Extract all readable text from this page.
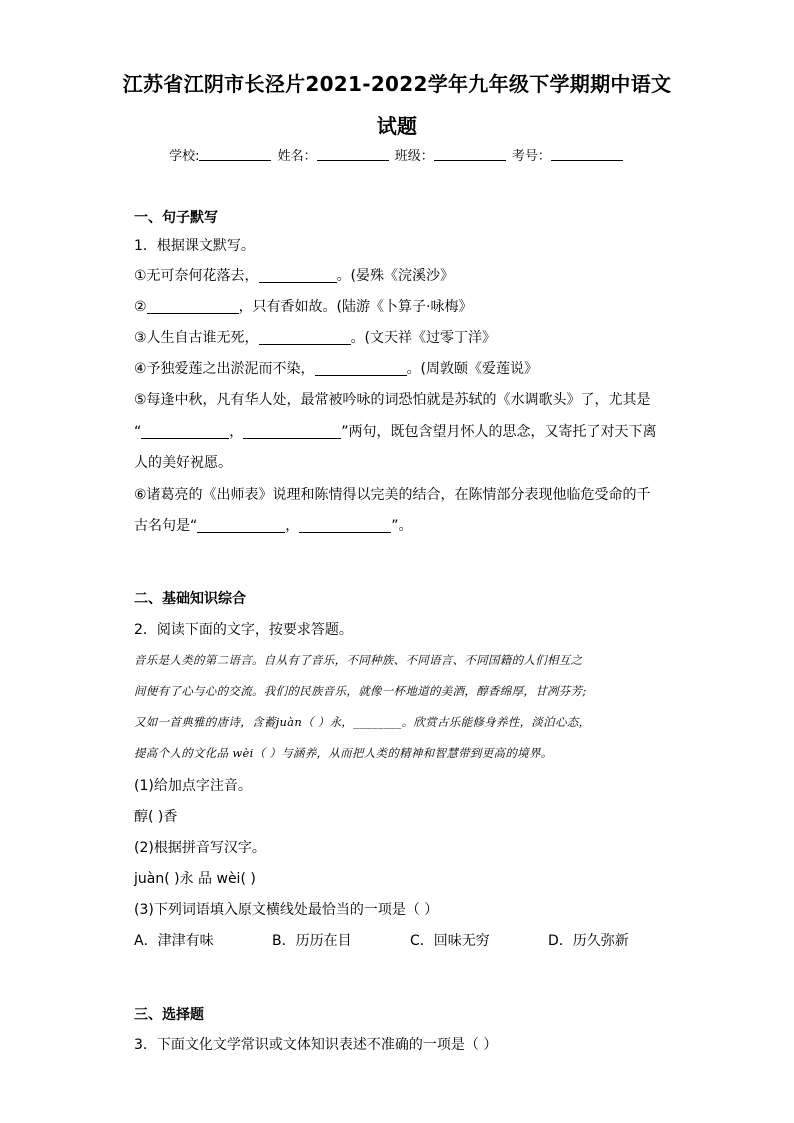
江苏省江阴市长泾片2021-2022学年九年级下学期期中语文
试题
学校:	姓名：	班级：	考号：
一、句子默写
1．根据课文默写。
①无可奈何花落去，	。(晏殊《浣溪沙》
②	，只有香如故。(陆游《卜算子·咏梅》
③人生自古谁无死，	。(文天祥《过零丁洋》
④予独爱莲之出淤泥而不染，	。(周敦颐《爱莲说》
⑤每逢中秋，凡有华人处，最常被吟咏的词恐怕就是苏轼的《水调歌头》了，尤其是
“	，	”两句，既包含望月怀人的思念，又寄托了对天下离
人的美好祝愿。
⑥诸葛亮的《出师表》说理和陈情得以完美的结合，在陈情部分表现他临危受命的千
古名句是“	，	”。
二、基础知识综合
2．阅读下面的文字，按要求答题。
音乐是人类的第二语言。自从有了音乐，不同种族、不同语言、不同国籍的人们相互之
间便有了心与心的交流。我们的民族音乐，就像一杯地道的美酒，醇香绵厚，甘冽芬芳;
又如一首典雅的唐诗，含蓄juàn（ ）永，________。欣赏古乐能修身养性，淡泊心态，
提高个人的文化品 wèi（ ）与涵养，从而把人类的精神和智慧带到更高的境界。
(1)给加点字注音。
醇( )香
(2)根据拼音写汉字。
juàn( )永 品 wèi( )
(3)下列词语填入原文横线处最恰当的一项是（ ）
A．津津有味	B．历历在目	C．回味无穷	D．历久弥新
三、选择题
3．下面文化文学常识或文体知识表述不准确的一项是（ ）
